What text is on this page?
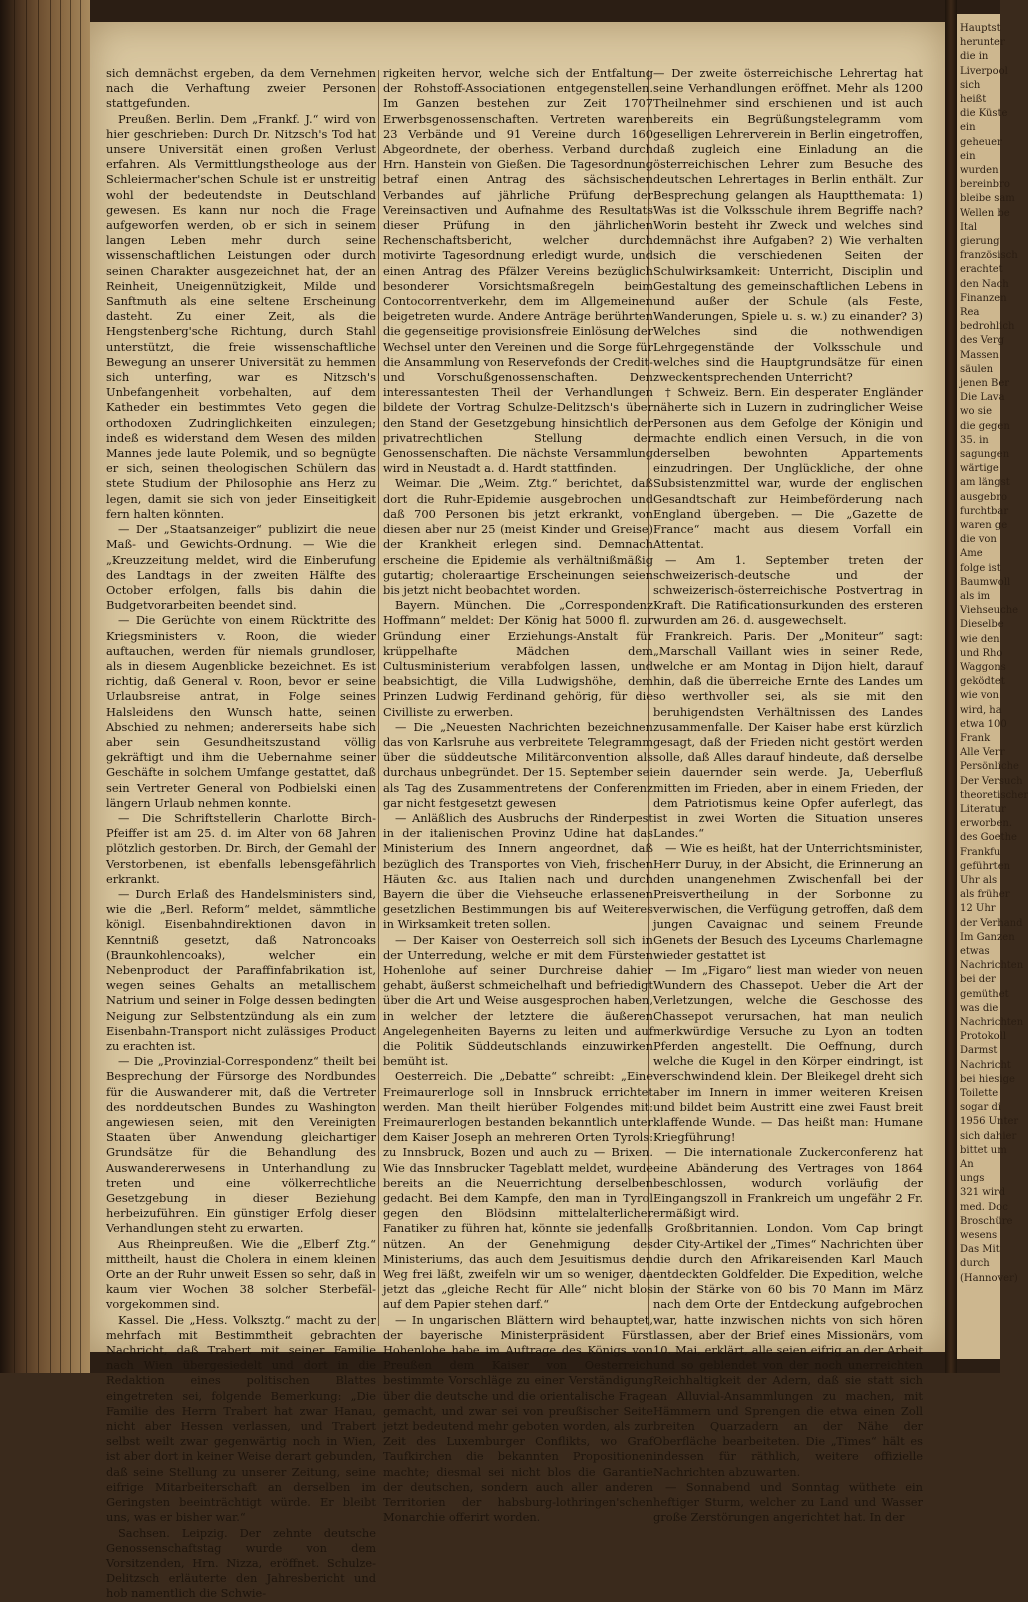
sich demnächst ergeben, da dem Vernehmen nach die Verhaftung zweier Personen stattgefunden.

Preußen. Berlin. Dem „Frankf. J.“ wird von hier geschrieben: Durch Dr. Nitzsch's Tod hat unsere Universität einen großen Verlust erfahren. Als Vermittlungstheologe aus der Schleiermacher'schen Schule ist er unstreitig wohl der bedeutendste in Deutschland gewesen. Es kann nur noch die Frage aufgeworfen werden, ob er sich in seinem langen Leben mehr durch seine wissenschaftlichen Leistungen oder durch seinen Charakter ausgezeichnet hat, der an Reinheit, Uneigennützigkeit, Milde und Sanftmuth als eine seltene Erscheinung dasteht. Zu einer Zeit, als die Hengstenberg'sche Richtung, durch Stahl unterstützt, die freie wissenschaftliche Bewegung an unserer Universität zu hemmen sich unterfing, war es Nitzsch's Unbefangenheit vorbehalten, auf dem Katheder ein bestimmtes Veto gegen die orthodoxen Zudringlichkeiten einzulegen; indeß es widerstand dem Wesen des milden Mannes jede laute Polemik, und so begnügte er sich, seinen theologischen Schülern das stete Studium der Philosophie ans Herz zu legen, damit sie sich von jeder Einseitigkeit fern halten könnten.

— Der „Staatsanzeiger“ publizirt die neue Maß- und Gewichts-Ordnung. — Wie die „Kreuzzeitung meldet, wird die Einberufung des Landtags in der zweiten Hälfte des October erfolgen, falls bis dahin die Budgetvorarbeiten beendet sind.

— Die Gerüchte von einem Rücktritte des Kriegsministers v. Roon, die wieder auftauchen, werden für niemals grundloser, als in diesem Augenblicke bezeichnet. Es ist richtig, daß General v. Roon, bevor er seine Urlaubsreise antrat, in Folge seines Halsleidens den Wunsch hatte, seinen Abschied zu nehmen; andererseits habe sich aber sein Gesundheitszustand völlig gekräftigt und ihm die Uebernahme seiner Geschäfte in solchem Umfange gestattet, daß sein Vertreter General von Podbielski einen längern Urlaub nehmen konnte.

— Die Schriftstellerin Charlotte Birch-Pfeiffer ist am 25. d. im Alter von 68 Jahren plötzlich gestorben. Dr. Birch, der Gemahl der Verstorbenen, ist ebenfalls lebensgefährlich erkrankt.

— Durch Erlaß des Handelsministers sind, wie die „Berl. Reform“ meldet, sämmtliche königl. Eisenbahndirektionen davon in Kenntniß gesetzt, daß Natroncoaks (Braunkohlencoaks), welcher ein Nebenproduct der Paraffinfabrikation ist, wegen seines Gehalts an metallischem Natrium und seiner in Folge dessen bedingten Neigung zur Selbstentzündung als ein zum Eisenbahn-Transport nicht zulässiges Product zu erachten ist.

— Die „Provinzial-Correspondenz“ theilt bei Besprechung der Fürsorge des Nordbundes für die Auswanderer mit, daß die Vertreter des norddeutschen Bundes zu Washington angewiesen seien, mit den Vereinigten Staaten über Anwendung gleichartiger Grundsätze für die Behandlung des Auswandererwesens in Unterhandlung zu treten und eine völkerrechtliche Gesetzgebung in dieser Beziehung herbeizuführen. Ein günstiger Erfolg dieser Verhandlungen steht zu erwarten.

Aus Rheinpreußen. Wie die „Elberf Ztg.“ mittheilt, haust die Cholera in einem kleinen Orte an der Ruhr unweit Essen so sehr, daß in kaum vier Wochen 38 solcher Sterbefäl- vorgekommen sind.

Kassel. Die „Hess. Volksztg.“ macht zu der mehrfach mit Bestimmtheit gebrachten Nachricht, daß Trabert mit seiner Familie nach Wien übergesiedelt und dort in die Redaktion eines politischen Blattes eingetreten sei, folgende Bemerkung: „Die Familie des Herrn Trabert hat zwar Hanau, nicht aber Hessen verlassen, und Trabert selbst weilt zwar gegenwärtig noch in Wien, ist aber dort in keiner Weise derart gebunden, daß seine Stellung zu unserer Zeitung, seine eifrige Mitarbeiterschaft an derselben im Geringsten beeinträchtigt würde. Er bleibt uns, was er bisher war.“

Sachsen. Leipzig. Der zehnte deutsche Genossenschaftstag wurde von dem Vorsitzenden, Hrn. Nizza, eröffnet. Schulze-Delitzsch erläuterte den Jahresbericht und hob namentlich die Schwie-

rigkeiten hervor, welche sich der Entfaltung der Rohstoff-Associationen entgegenstellen. Im Ganzen bestehen zur Zeit 1707 Erwerbsgenossenschaften. Vertreten waren 23 Verbände und 91 Vereine durch 160 Abgeordnete, der oberhess. Verband durch Hrn. Hanstein von Gießen. Die Tagesordnung betraf einen Antrag des sächsischen Verbandes auf jährliche Prüfung der Vereinsactiven und Aufnahme des Resultats dieser Prüfung in den jährlichen Rechenschaftsbericht, welcher durch motivirte Tagesordnung erledigt wurde, und einen Antrag des Pfälzer Vereins bezüglich besonderer Vorsichtsmaßregeln beim Contocorrentverkehr, dem im Allgemeinen beigetreten wurde. Andere Anträge berührten die gegenseitige provisionsfreie Einlösung der Wechsel unter den Vereinen und die Sorge für die Ansammlung von Reservefonds der Credit- und Vorschußgenossenschaften. Den interessantesten Theil der Verhandlungen bildete der Vortrag Schulze-Delitzsch's über den Stand der Gesetzgebung hinsichtlich der privatrechtlichen Stellung der Genossenschaften. Die nächste Versammlung wird in Neustadt a. d. Hardt stattfinden.

Weimar. Die „Weim. Ztg.“ berichtet, daß dort die Ruhr-Epidemie ausgebrochen und daß 700 Personen bis jetzt erkrankt, von diesen aber nur 25 (meist Kinder und Greise) der Krankheit erlegen sind. Demnach erscheine die Epidemie als verhältnißmäßig gutartig; choleraartige Erscheinungen seien bis jetzt nicht beobachtet worden.

Bayern. München. Die „Correspondenz Hoffmann“ meldet: Der König hat 5000 fl. zur Gründung einer Erziehungs-Anstalt für krüppelhafte Mädchen dem Cultusministerium verabfolgen lassen, und beabsichtigt, die Villa Ludwigshöhe, dem Prinzen Ludwig Ferdinand gehörig, für die Civilliste zu erwerben.

— Die „Neuesten Nachrichten bezeichnen das von Karlsruhe aus verbreitete Telegramm über die süddeutsche Militärconvention als durchaus unbegründet. Der 15. September sei als Tag des Zusammentretens der Conferenz gar nicht festgesetzt gewesen

— Anläßlich des Ausbruchs der Rinderpest in der italienischen Provinz Udine hat das Ministerium des Innern angeordnet, daß bezüglich des Transportes von Vieh, frischen Häuten &c. aus Italien nach und durch Bayern die über die Viehseuche erlassenen gesetzlichen Bestimmungen bis auf Weiteres in Wirksamkeit treten sollen.

— Der Kaiser von Oesterreich soll sich in der Unterredung, welche er mit dem Fürsten Hohenlohe auf seiner Durchreise dahier gehabt, äußerst schmeichelhaft und befriedigt über die Art und Weise ausgesprochen haben, in welcher der letztere die äußeren Angelegenheiten Bayerns zu leiten und auf die Politik Süddeutschlands einzuwirken bemüht ist.

Oesterreich. Die „Debatte“ schreibt: „Eine Freimaurerloge soll in Innsbruck errichtet werden. Man theilt hierüber Folgendes mit: Freimaurerlogen bestanden bekanntlich unter dem Kaiser Joseph an mehreren Orten Tyrols: zu Innsbruck, Bozen und auch zu — Brixen. Wie das Innsbrucker Tageblatt meldet, wurde bereits an die Neuerrichtung derselben gedacht. Bei dem Kampfe, den man in Tyrol gegen den Blödsinn mittelalterlicher Fanatiker zu führen hat, könnte sie jedenfalls nützen. An der Genehmigung des Ministeriums, das auch dem Jesuitismus den Weg frei läßt, zweifeln wir um so weniger, da jetzt das „gleiche Recht für Alle“ nicht blos auf dem Papier stehen darf.“

— In ungarischen Blättern wird behauptet, der bayerische Ministerpräsident Fürst Hohenlohe habe im Auftrage des Königs von Preußen dem Kaiser von Oesterreich bestimmte Vorschläge zu einer Verständigung über die deutsche und die orientalische Frage gemacht, und zwar sei von preußischer Seite jetzt bedeutend mehr geboten worden, als zur Zeit des Luxemburger Conflikts, wo Graf Taufkirchen die bekannten Propositionen machte; diesmal sei nicht blos die Garantie der deutschen, sondern auch aller anderen Territorien der habsburg-lothringen'schen Monarchie offerirt worden.

— Der zweite österreichische Lehrertag hat seine Verhandlungen eröffnet. Mehr als 1200 Theilnehmer sind erschienen und ist auch bereits ein Begrüßungstelegramm vom geselligen Lehrerverein in Berlin eingetroffen, daß zugleich eine Einladung an die österreichischen Lehrer zum Besuche des deutschen Lehrertages in Berlin enthält. Zur Besprechung gelangen als Hauptthemata: 1) Was ist die Volksschule ihrem Begriffe nach? Worin besteht ihr Zweck und welches sind demnächst ihre Aufgaben? 2) Wie verhalten sich die verschiedenen Seiten der Schulwirksamkeit: Unterricht, Disciplin und Gestaltung des gemeinschaftlichen Lebens in und außer der Schule (als Feste, Wanderungen, Spiele u. s. w.) zu einander? 3) Welches sind die nothwendigen Lehrgegenstände der Volksschule und welches sind die Hauptgrundsätze für einen zweckentsprechenden Unterricht?

† Schweiz. Bern. Ein desperater Engländer näherte sich in Luzern in zudringlicher Weise Personen aus dem Gefolge der Königin und machte endlich einen Versuch, in die von derselben bewohnten Appartements einzudringen. Der Unglückliche, der ohne Subsistenzmittel war, wurde der englischen Gesandtschaft zur Heimbeförderung nach England übergeben. — Die „Gazette de France“ macht aus diesem Vorfall ein Attentat.

— Am 1. September treten der schweizerisch-deutsche und der schweizerisch-österreichische Postvertrag in Kraft. Die Ratificationsurkunden des ersteren wurden am 26. d. ausgewechselt.

Frankreich. Paris. Der „Moniteur“ sagt: „Marschall Vaillant wies in seiner Rede, welche er am Montag in Dijon hielt, darauf hin, daß die überreiche Ernte des Landes um so werthvoller sei, als sie mit den beruhigendsten Verhältnissen des Landes zusammenfalle. Der Kaiser habe erst kürzlich gesagt, daß der Frieden nicht gestört werden solle, daß Alles darauf hindeute, daß derselbe ein dauernder sein werde. Ja, Ueberfluß mitten im Frieden, aber in einem Frieden, der dem Patriotismus keine Opfer auferlegt, das ist in zwei Worten die Situation unseres Landes.“

— Wie es heißt, hat der Unterrichtsminister, Herr Duruy, in der Absicht, die Erinnerung an den unangenehmen Zwischenfall bei der Preisvertheilung in der Sorbonne zu verwischen, die Verfügung getroffen, daß dem jungen Cavaignac und seinem Freunde Genets der Besuch des Lyceums Charlemagne wieder gestattet ist

— Im „Figaro“ liest man wieder von neuen Wundern des Chassepot. Ueber die Art der Verletzungen, welche die Geschosse des Chassepot verursachen, hat man neulich merkwürdige Versuche zu Lyon an todten Pferden angestellt. Die Oeffnung, durch welche die Kugel in den Körper eindringt, ist verschwindend klein. Der Bleikegel dreht sich aber im Innern in immer weiteren Kreisen und bildet beim Austritt eine zwei Faust breit klaffende Wunde. — Das heißt man: Humane Kriegführung!

— Die internationale Zuckerconferenz hat eine Abänderung des Vertrages von 1864 beschlossen, wodurch vorläufig der Eingangszoll in Frankreich um ungefähr 2 Fr. ermäßigt wird.

Großbritannien. London. Vom Cap bringt der City-Artikel der „Times“ Nachrichten über die durch den Afrikareisenden Karl Mauch entdeckten Goldfelder. Die Expedition, welche in der Stärke von 60 bis 70 Mann im März nach dem Orte der Entdeckung aufgebrochen war, hatte inzwischen nichts von sich hören lassen, aber der Brief eines Missionärs, vom 10. Mai, erklärt, alle seien eifrig an der Arbeit und so geblendet von der noch unerreichten Reichhaltigkeit der Adern, daß sie statt sich an Alluvial-Ansammlungen zu machen, mit Hämmern und Sprengen die etwa einen Zoll breiten Quarzadern an der Nähe der Oberfläche bearbeiteten. Die „Times“ hält es indessen für räthlich, weitere offizielle Nachrichten abzuwarten.

— Sonnabend und Sonntag wüthete ein heftiger Sturm, welcher zu Land und Wasser große Zerstörungen angerichtet hat. In der

Hauptst
herunter
die in
Liverpool
sich
heißt
die Küste
ein
geheuer
ein
wurden
bereinbro
bleibe sam
Wellen be
Ital
gierung
französisch
erachtet
den Nach
Finanzen
Rea
bedrohlich
des Verg
Massen
säulen
jenen Ber
Die Lava
wo sie
die gegen
35. in
sagungen
wärtige
am längst
ausgebro
furchtbar
waren ge
die von
Ame
folge ist
Baumwoll
als im
Viehseuche
Dieselbe
wie den
und Rho
Waggons
geködtet
wie von
wird, ha
etwa 100
Frank
Alle Verr
Persönliche
Der Versuch
theoretischer
Literatur
erworben.
des Goethe
Frankfu
geführten
Uhr als
als früher
12 Uhr
der Verhand
Im Ganzen
etwas
Nachrichten
bei der
gemüthet
was die
Nachrichten
Protokoll
Darmst
Nachricht
bei hiesige
Toilette
sogar di
1956 Unter
sich dahier
bittet um
An
ungs
321 wird
med. Doc
Broschüre
wesens
Das Mit
durch
(Hannover)
